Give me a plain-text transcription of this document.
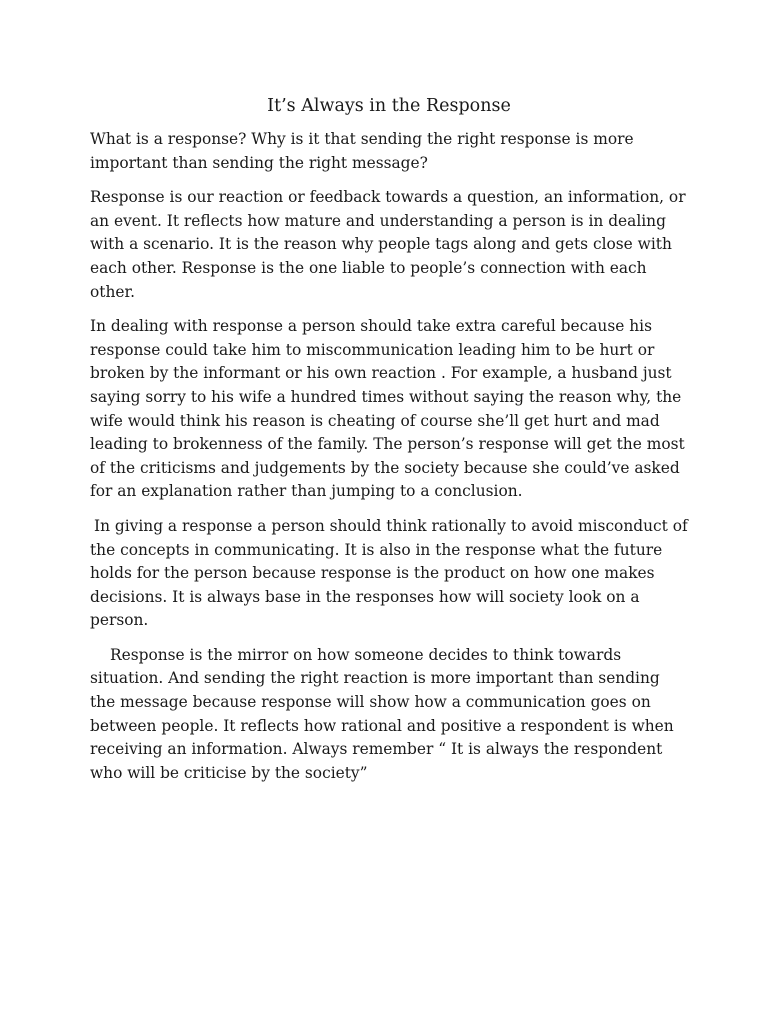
It’s Always in the Response

What is a response? Why is it that sending the right response is more important than sending the right message?

Response is our reaction or feedback towards a question, an information, or an event. It reflects how mature and understanding a person is in dealing with a scenario. It is the reason why people tags along and gets close with each other. Response is the one liable to people’s connection with each other.

In dealing with response a person should take extra careful because his response could take him to miscommunication leading him to be hurt or broken by the informant or his own reaction . For example, a husband just saying sorry to his wife a hundred times without saying the reason why, the wife would think his reason is cheating of course she’ll get hurt and mad leading to brokenness of the family. The person’s response will get the most of the criticisms and judgements by the society because she could’ve asked for an explanation rather than jumping to a conclusion.

In giving a response a person should think rationally to avoid misconduct of the concepts in communicating. It is also in the response what the future holds for the person because response is the product on how one makes decisions. It is always base in the responses how will society look on a person.

Response is the mirror on how someone decides to think towards situation. And sending the right reaction is more important than sending the message because response will show how a communication goes on between people. It reflects how rational and positive a respondent is when receiving an information. Always remember “ It is always the respondent who will be criticise by the society”
